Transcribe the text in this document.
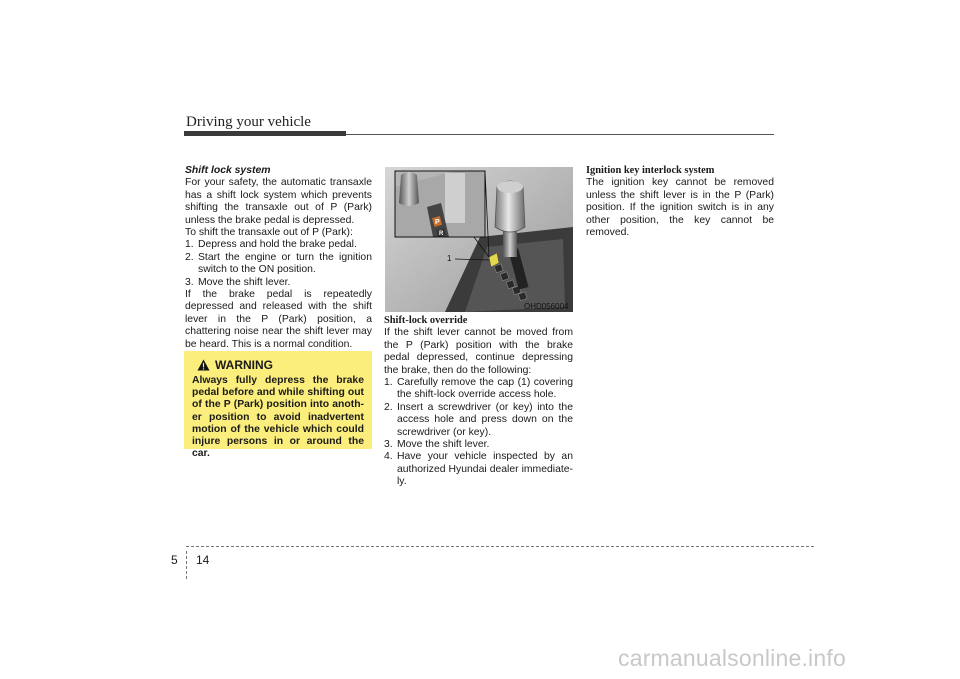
Driving your vehicle

Shift lock system

For your safety, the automatic transaxle has a shift lock system which prevents shifting the transaxle out of P (Park) unless the brake pedal is depressed.

To shift the transaxle out of P (Park):

1. Depress and hold the brake pedal.
2. Start the engine or turn the ignition switch to the ON position.
3. Move the shift lever.

If the brake pedal is repeatedly depressed and released with the shift lever in the P (Park) position, a chattering noise near the shift lever may be heard. This is a normal condition.

WARNING
Always fully depress the brake pedal before and while shifting out of the P (Park) position into anoth-er position to avoid inadvertent motion of the vehicle which could injure persons in or around the car.
P
R
1
OHD056004

Shift-lock override

If the shift lever cannot be moved from the P (Park) position with the brake pedal depressed, continue depressing the brake, then do the following:

1. Carefully remove the cap (1) covering the shift-lock override access hole.
2. Insert a screwdriver (or key) into the access hole and press down on the screwdriver (or key).
3. Move the shift lever.
4. Have your vehicle inspected by an authorized Hyundai dealer immediate-ly.

Ignition key interlock system

The ignition key cannot be removed unless the shift lever is in the P (Park) position. If the ignition switch is in any other position, the key cannot be removed.

5 14
carmanualsonline.info
